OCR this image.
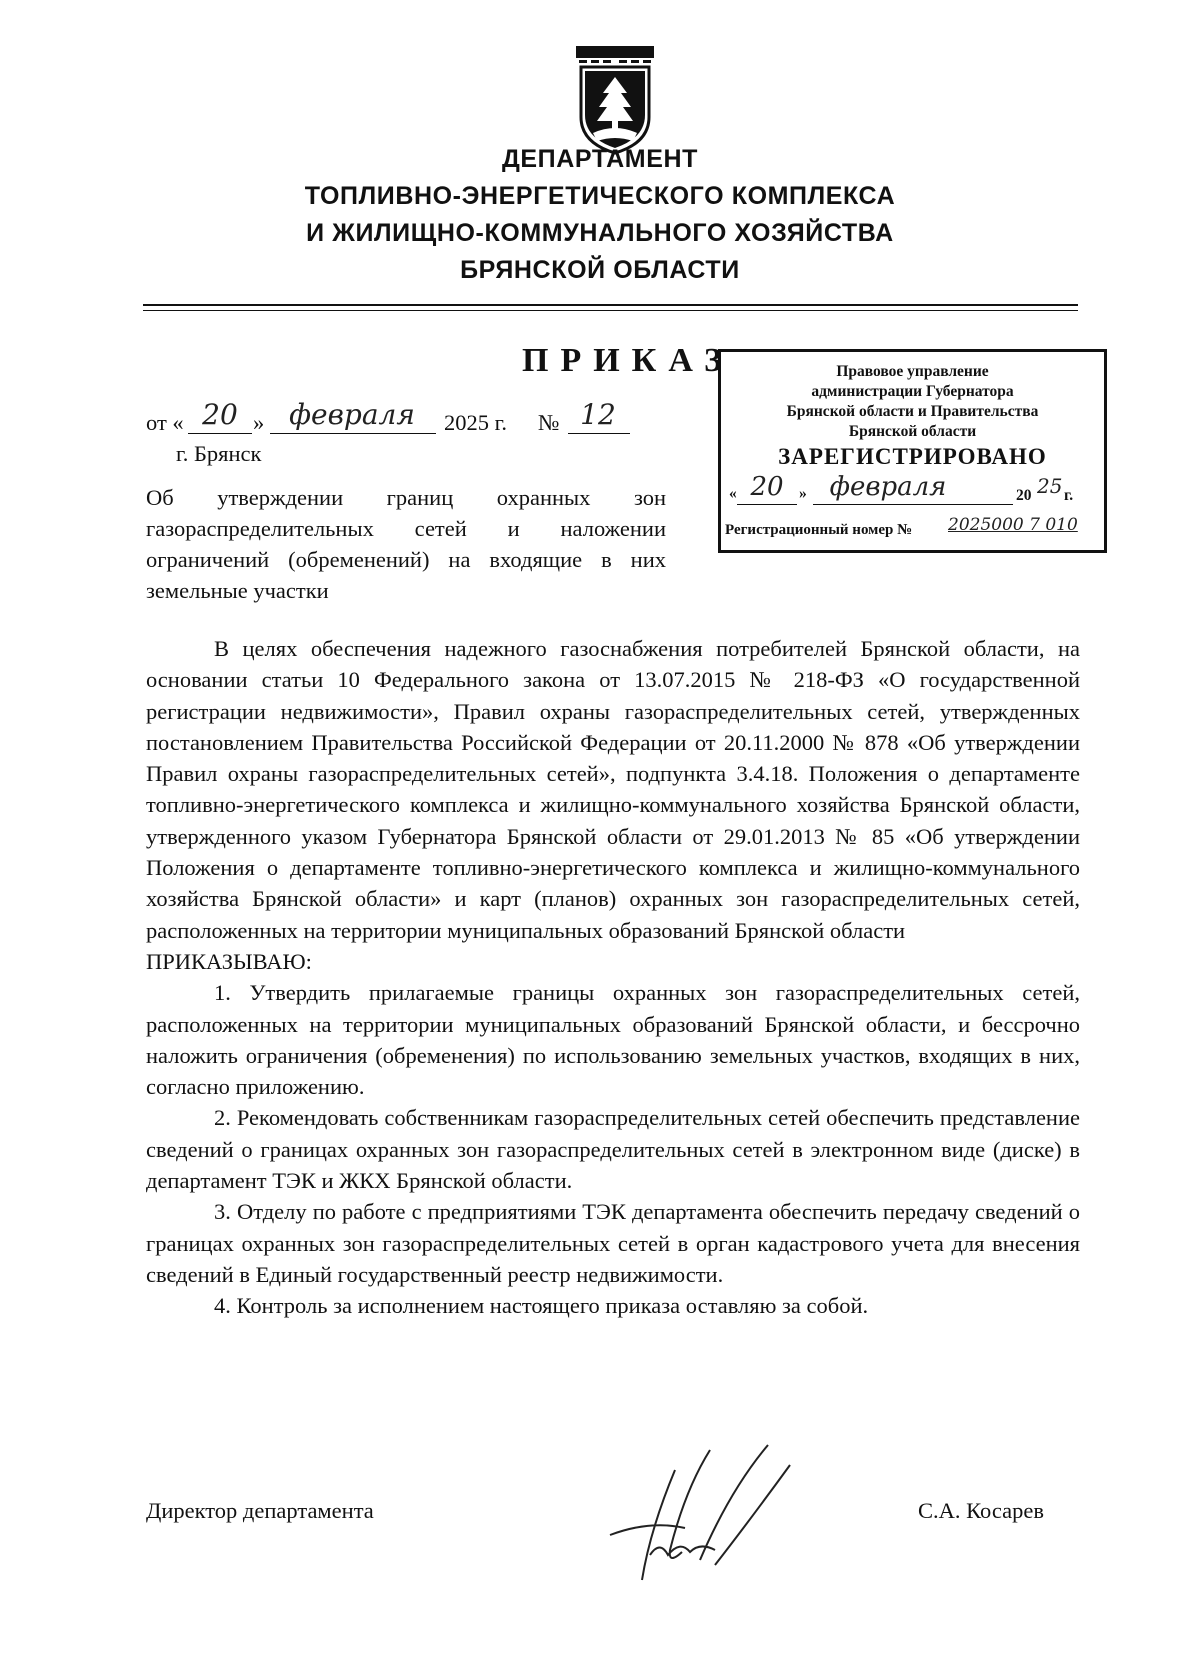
ДЕПАРТАМЕНТ
ТОПЛИВНО-ЭНЕРГЕТИЧЕСКОГО КОМПЛЕКСА
И ЖИЛИЩНО-КОММУНАЛЬНОГО ХОЗЯЙСТВА
БРЯНСКОЙ ОБЛАСТИ
ПРИКАЗ
от « 20 » февраля	2025 г. № 12
г. Брянск
Правовое управление
администрации Губернатора
Брянской области и Правительства
Брянской области
ЗАРЕГИСТРИРОВАНО
« 20 » февраля	20 25 г.
Регистрационный номер № 2025000 7 010
Об утверждении границ охранных зон газораспределительных сетей и наложении ограничений (обременений) на входящие в них земельные участки

В целях обеспечения надежного газоснабжения потребителей Брянской области, на основании статьи 10 Федерального закона от 13.07.2015 № 218-ФЗ «О государственной регистрации недвижимости», Правил охраны газораспределительных сетей, утвержденных постановлением Правительства Российской Федерации от 20.11.2000 № 878 «Об утверждении Правил охраны газораспределительных сетей», подпункта 3.4.18. Положения о департаменте топливно-энергетического комплекса и жилищно-коммунального хозяйства Брянской области, утвержденного указом Губернатора Брянской области от 29.01.2013 № 85 «Об утверждении Положения о департаменте топливно-энергетического комплекса и жилищно-коммунального хозяйства Брянской области» и карт (планов) охранных зон газораспределительных сетей, расположенных на территории муниципальных образований Брянской области

ПРИКАЗЫВАЮ:

1. Утвердить прилагаемые границы охранных зон газораспределительных сетей, расположенных на территории муниципальных образований Брянской области, и бессрочно наложить ограничения (обременения) по использованию земельных участков, входящих в них, согласно приложению.

2. Рекомендовать собственникам газораспределительных сетей обеспечить представление сведений о границах охранных зон газораспределительных сетей в электронном виде (диске) в департамент ТЭК и ЖКХ Брянской области.

3. Отделу по работе с предприятиями ТЭК департамента обеспечить передачу сведений о границах охранных зон газораспределительных сетей в орган кадастрового учета для внесения сведений в Единый государственный реестр недвижимости.

4. Контроль за исполнением настоящего приказа оставляю за собой.

Директор департамента	С.А. Косарев
